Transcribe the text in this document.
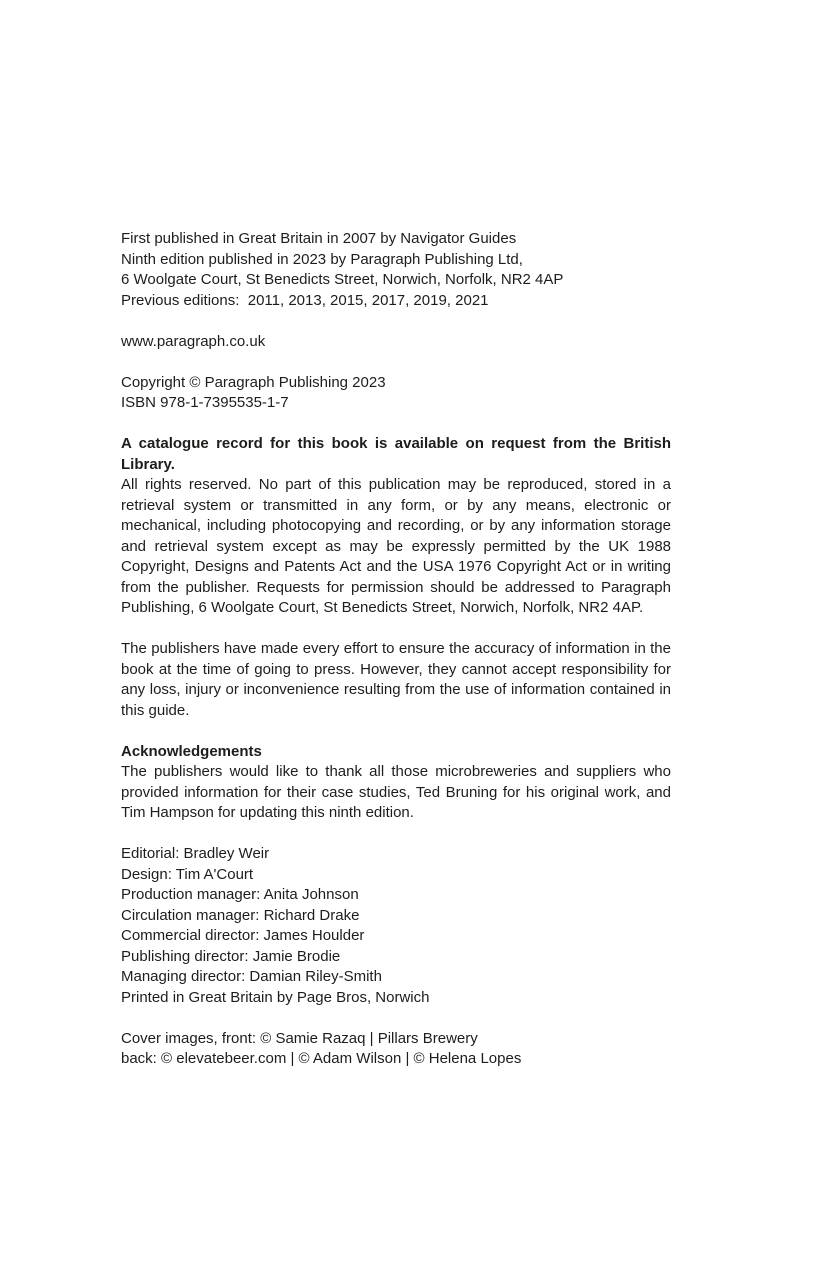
First published in Great Britain in 2007 by Navigator Guides
Ninth edition published in 2023 by Paragraph Publishing Ltd,
6 Woolgate Court, St Benedicts Street, Norwich, Norfolk, NR2 4AP
Previous editions:  2011, 2013, 2015, 2017, 2019, 2021
www.paragraph.co.uk
Copyright © Paragraph Publishing 2023
ISBN 978-1-7395535-1-7
A catalogue record for this book is available on request from the British Library.
All rights reserved. No part of this publication may be reproduced, stored in a retrieval system or transmitted in any form, or by any means, electronic or mechanical, including photocopying and recording, or by any information storage and retrieval system except as may be expressly permitted by the UK 1988 Copyright, Designs and Patents Act and the USA 1976 Copyright Act or in writing from the publisher. Requests for permission should be addressed to Paragraph Publishing, 6 Woolgate Court, St Benedicts Street, Norwich, Norfolk, NR2 4AP.
The publishers have made every effort to ensure the accuracy of information in the book at the time of going to press. However, they cannot accept responsibility for any loss, injury or inconvenience resulting from the use of information contained in this guide.
Acknowledgements
The publishers would like to thank all those microbreweries and suppliers who provided information for their case studies, Ted Bruning for his original work, and Tim Hampson for updating this ninth edition.
Editorial: Bradley Weir
Design: Tim A'Court
Production manager: Anita Johnson
Circulation manager: Richard Drake
Commercial director: James Houlder
Publishing director: Jamie Brodie
Managing director: Damian Riley-Smith
Printed in Great Britain by Page Bros, Norwich
Cover images, front: © Samie Razaq | Pillars Brewery
back: © elevatebeer.com | © Adam Wilson | © Helena Lopes
